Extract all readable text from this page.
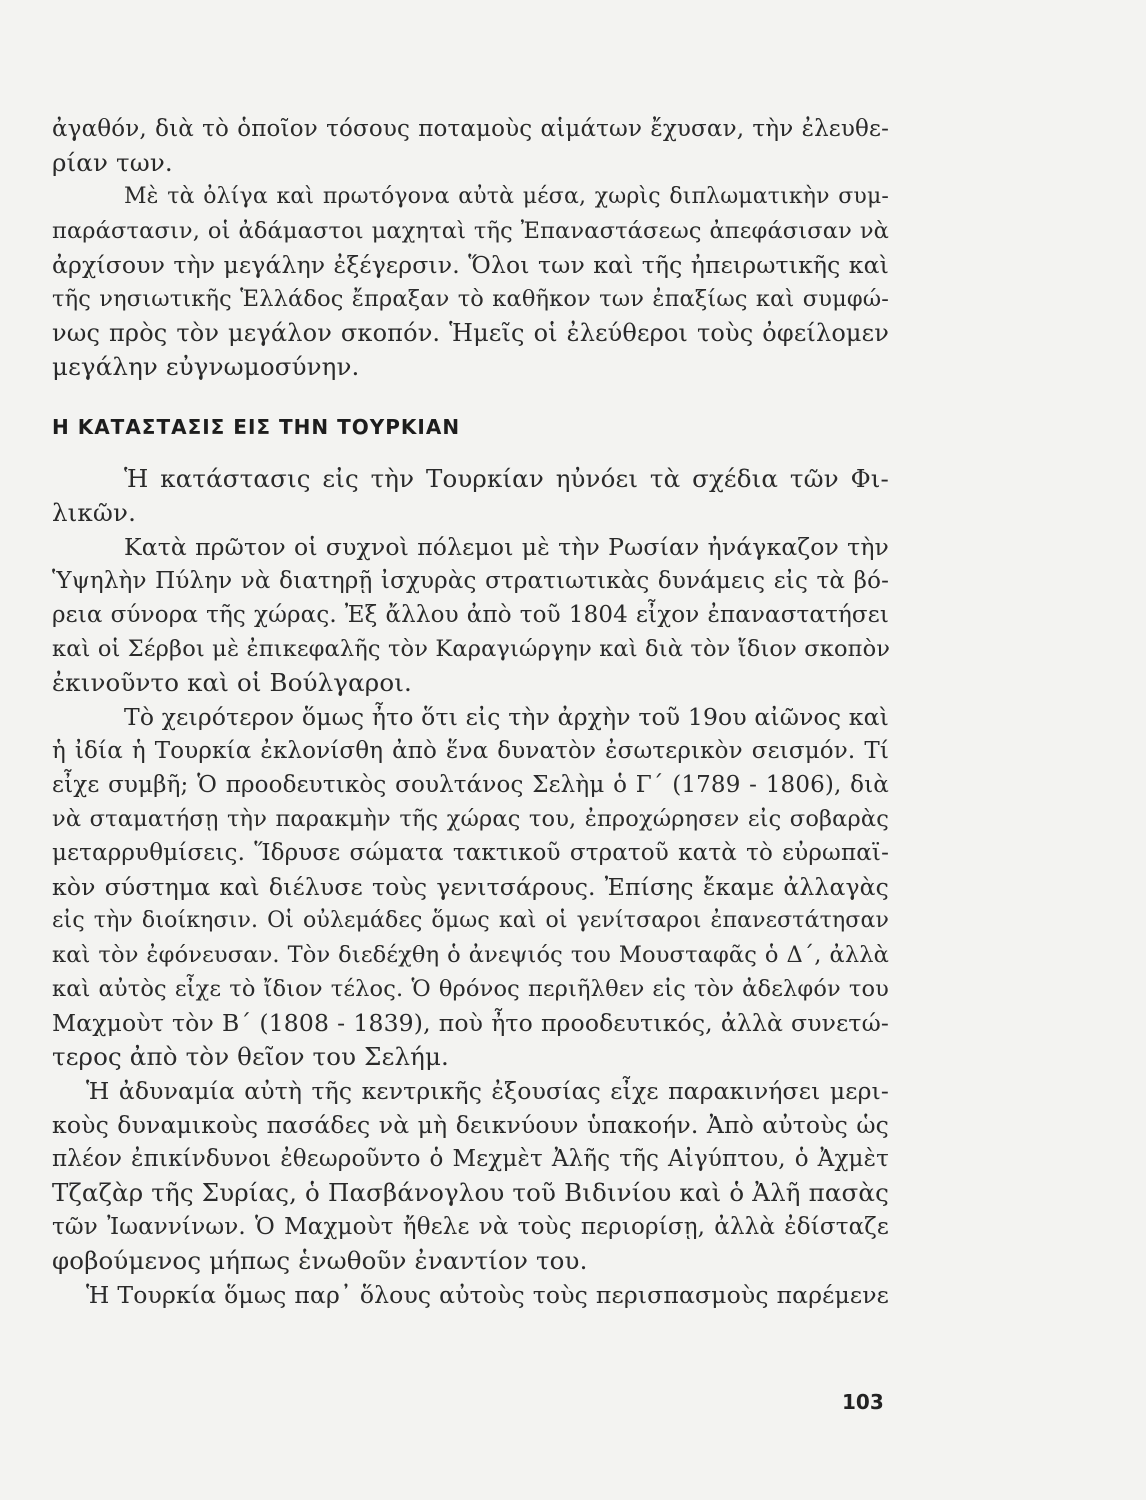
ἀγαθόν, διὰ τὸ ὁποῖον τόσους ποταμοὺς αἱμάτων ἔχυσαν, τὴν ἐλευθε-
ρίαν των.
Μὲ τὰ ὀλίγα καὶ πρωτόγονα αὐτὰ μέσα, χωρὶς διπλωματικὴν συμ-
παράστασιν, οἱ ἀδάμαστοι μαχηταὶ τῆς Ἐπαναστάσεως ἀπεφάσισαν νὰ
ἀρχίσουν τὴν μεγάλην ἐξέγερσιν. Ὅλοι των καὶ τῆς ἠπειρωτικῆς καὶ
τῆς νησιωτικῆς Ἑλλάδος ἔπραξαν τὸ καθῆκον των ἐπαξίως καὶ συμφώ-
νως πρὸς τὸν μεγάλον σκοπόν. Ἡμεῖς οἱ ἐλεύθεροι τοὺς ὀφείλομεν
μεγάλην εὐγνωμοσύνην.
Η ΚΑΤΑΣΤΑΣΙΣ ΕΙΣ ΤΗΝ ΤΟΥΡΚΙΑΝ
Ἡ κατάστασις εἰς τὴν Τουρκίαν ηὐνόει τὰ σχέδια τῶν Φι-
λικῶν.
Κατὰ πρῶτον οἱ συχνοὶ πόλεμοι μὲ τὴν Ρωσίαν ἠνάγκαζον τὴν
Ὑψηλὴν Πύλην νὰ διατηρῇ ἰσχυρὰς στρατιωτικὰς δυνάμεις εἰς τὰ βό-
ρεια σύνορα τῆς χώρας. Ἐξ ἄλλου ἀπὸ τοῦ 1804 εἶχον ἐπαναστατήσει
καὶ οἱ Σέρβοι μὲ ἐπικεφαλῆς τὸν Καραγιώργην καὶ διὰ τὸν ἴδιον σκοπὸν
ἐκινοῦντο καὶ οἱ Βούλγαροι.
Τὸ χειρότερον ὅμως ἦτο ὅτι εἰς τὴν ἀρχὴν τοῦ 19ου αἰῶνος καὶ
ἡ ἰδία ἡ Τουρκία ἐκλονίσθη ἀπὸ ἕνα δυνατὸν ἐσωτερικὸν σεισμόν. Τί
εἶχε συμβῆ; Ὁ προοδευτικὸς σουλτάνος Σελὴμ ὁ Γ΄ (1789 - 1806), διὰ
νὰ σταματήσῃ τὴν παρακμὴν τῆς χώρας του, ἐπροχώρησεν εἰς σοβαρὰς
μεταρρυθμίσεις. Ἵδρυσε σώματα τακτικοῦ στρατοῦ κατὰ τὸ εὐρωπαϊ-
κὸν σύστημα καὶ διέλυσε τοὺς γενιτσάρους. Ἐπίσης ἔκαμε ἀλλαγὰς
εἰς τὴν διοίκησιν. Οἱ οὐλεμάδες ὅμως καὶ οἱ γενίτσαροι ἐπανεστάτησαν
καὶ τὸν ἐφόνευσαν. Τὸν διεδέχθη ὁ ἀνεψιός του Μουσταφᾶς ὁ Δ΄, ἀλλὰ
καὶ αὐτὸς εἶχε τὸ ἴδιον τέλος. Ὁ θρόνος περιῆλθεν εἰς τὸν ἀδελφόν του
Μαχμοὺτ τὸν Β΄ (1808 - 1839), ποὺ ἦτο προοδευτικός, ἀλλὰ συνετώ-
τερος ἀπὸ τὸν θεῖον του Σελήμ.
Ἡ ἀδυναμία αὐτὴ τῆς κεντρικῆς ἐξουσίας εἶχε παρακινήσει μερι-
κοὺς δυναμικοὺς πασάδες νὰ μὴ δεικνύουν ὑπακοήν. Ἀπὸ αὐτοὺς ὡς
πλέον ἐπικίνδυνοι ἐθεωροῦντο ὁ Μεχμὲτ Ἀλῆς τῆς Αἰγύπτου, ὁ Ἀχμὲτ
Τζαζὰρ τῆς Συρίας, ὁ Πασβάνογλου τοῦ Βιδινίου καὶ ὁ Ἀλῆ πασὰς
τῶν Ἰωαννίνων. Ὁ Μαχμοὺτ ἤθελε νὰ τοὺς περιορίσῃ, ἀλλὰ ἐδίσταζε
φοβούμενος μήπως ἑνωθοῦν ἐναντίον του.
Ἡ Τουρκία ὅμως παρ᾽ ὅλους αὐτοὺς τοὺς περισπασμοὺς παρέμενε
103
